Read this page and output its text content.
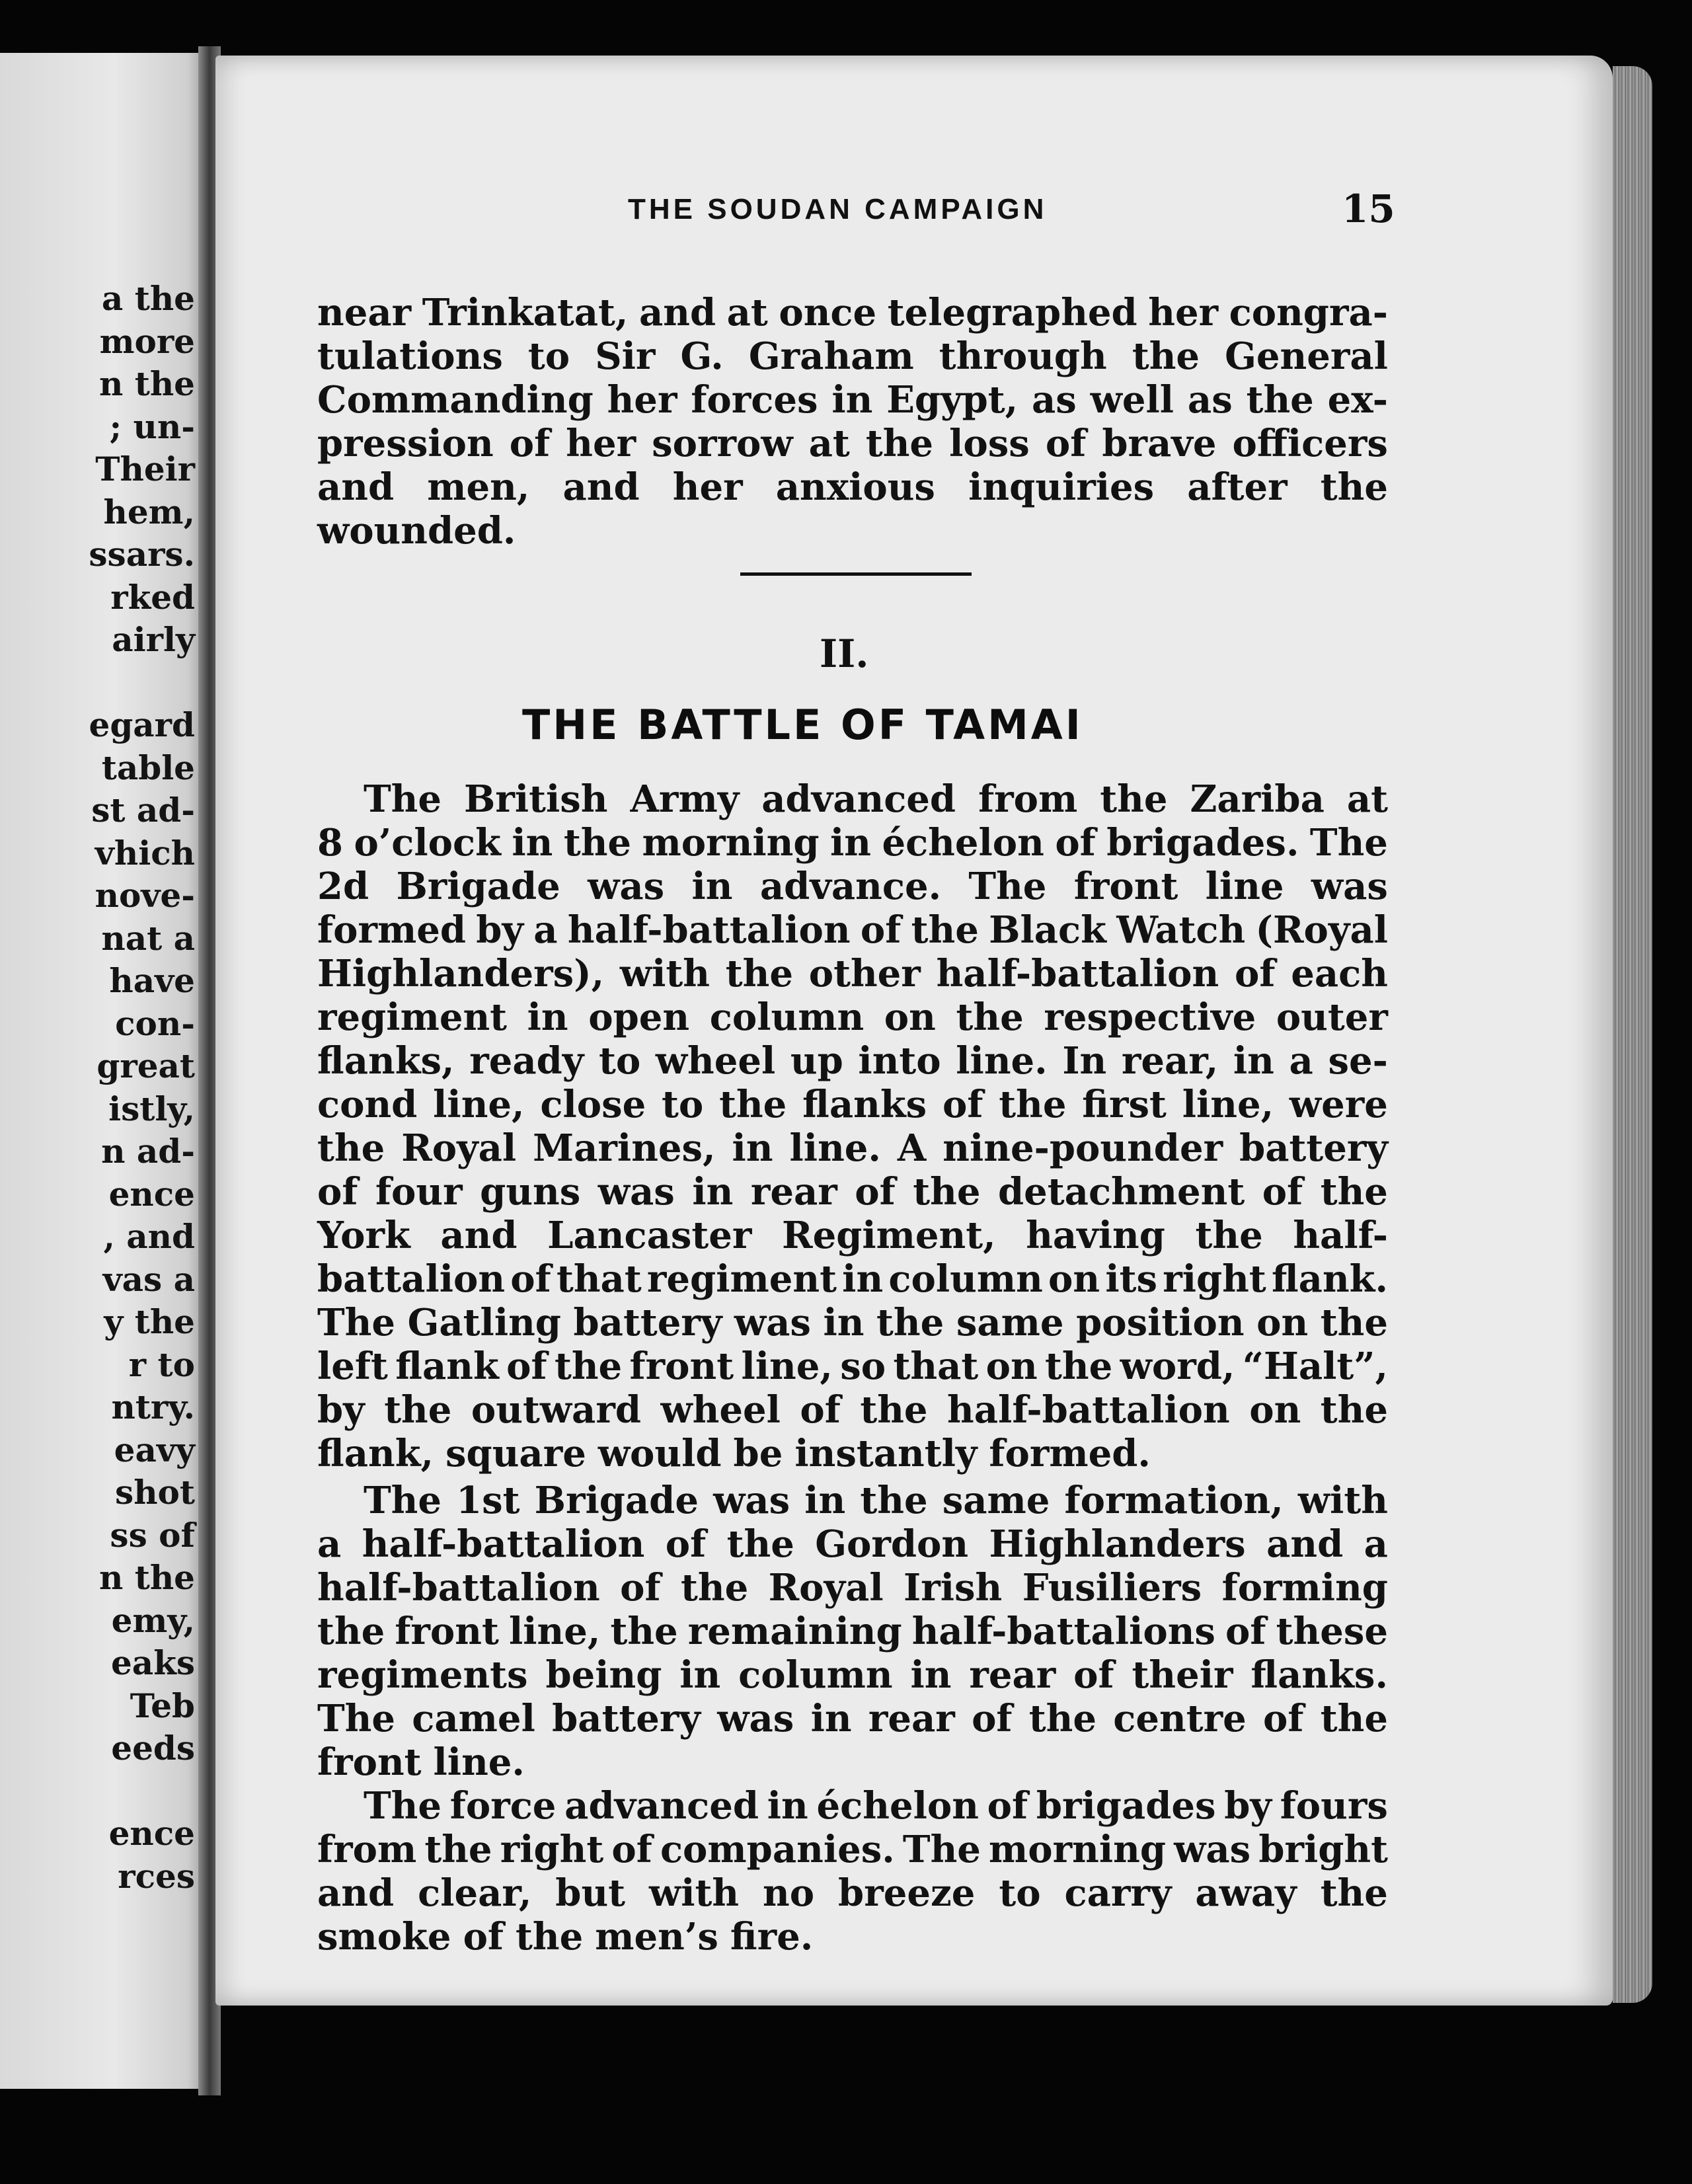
a the
more
n the
; un-
Their
hem,
ssars.
rked
airly
egard
table
st ad-
vhich
nove-
nat a
have
con-
great
istly,
n ad-
ence
, and
vas a
y the
r to
ntry.
eavy
shot
ss of
n the
emy,
eaks
Teb
eeds
ence
rces
THE SOUDAN CAMPAIGN	15
near Trinkatat, and at once telegraphed her congra-
tulations to Sir G. Graham through the General
Commanding her forces in Egypt, as well as the ex-
pression of her sorrow at the loss of brave officers
and men, and her anxious inquiries after the
wounded.
II.
THE BATTLE OF TAMAI
The British Army advanced from the Zariba at
8 o’clock in the morning in échelon of brigades. The
2d Brigade was in advance. The front line was
formed by a half-battalion of the Black Watch (Royal
Highlanders), with the other half-battalion of each
regiment in open column on the respective outer
flanks, ready to wheel up into line. In rear, in a se-
cond line, close to the flanks of the first line, were
the Royal Marines, in line. A nine-pounder battery
of four guns was in rear of the detachment of the
York and Lancaster Regiment, having the half-
battalion of that regiment in column on its right flank.
The Gatling battery was in the same position on the
left flank of the front line, so that on the word, “Halt”,
by the outward wheel of the half-battalion on the
flank, square would be instantly formed.
The 1st Brigade was in the same formation, with
a half-battalion of the Gordon Highlanders and a
half-battalion of the Royal Irish Fusiliers forming
the front line, the remaining half-battalions of these
regiments being in column in rear of their flanks.
The camel battery was in rear of the centre of the
front line.
The force advanced in échelon of brigades by fours
from the right of companies. The morning was bright
and clear, but with no breeze to carry away the
smoke of the men’s fire.
